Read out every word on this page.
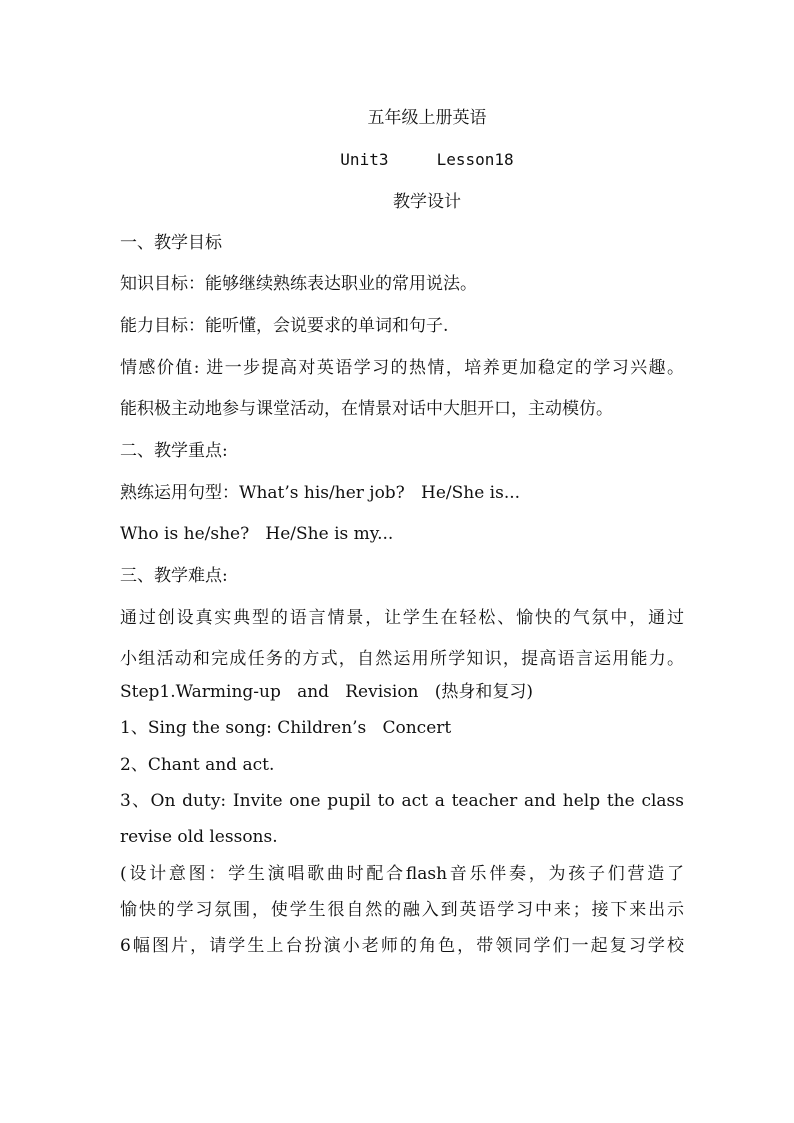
五年级上册英语
Unit3     Lesson18
教学设计
一、教学目标
知识目标：能够继续熟练表达职业的常用说法。
能力目标：能听懂，会说要求的单词和句子.
情感价值: 进一步提高对英语学习的热情，培养更加稳定的学习兴趣。
能积极主动地参与课堂活动，在情景对话中大胆开口，主动模仿。
二、教学重点:
熟练运用句型：What’s his/her job?   He/She is...
Who is he/she?   He/She is my...
三、教学难点:
通过创设真实典型的语言情景，让学生在轻松、愉快的气氛中，通过
小组活动和完成任务的方式，自然运用所学知识，提高语言运用能力。
Step1.Warming-up   and   Revision   (热身和复习)
1、Sing the song: Children’s   Concert
2、Chant and act.
3、On duty: Invite one pupil to act a teacher and help the class
revise old lessons.
(设计意图：学生演唱歌曲时配合flash音乐伴奏，为孩子们营造了
愉快的学习氛围，使学生很自然的融入到英语学习中来；接下来出示
6幅图片，请学生上台扮演小老师的角色，带领同学们一起复习学校
